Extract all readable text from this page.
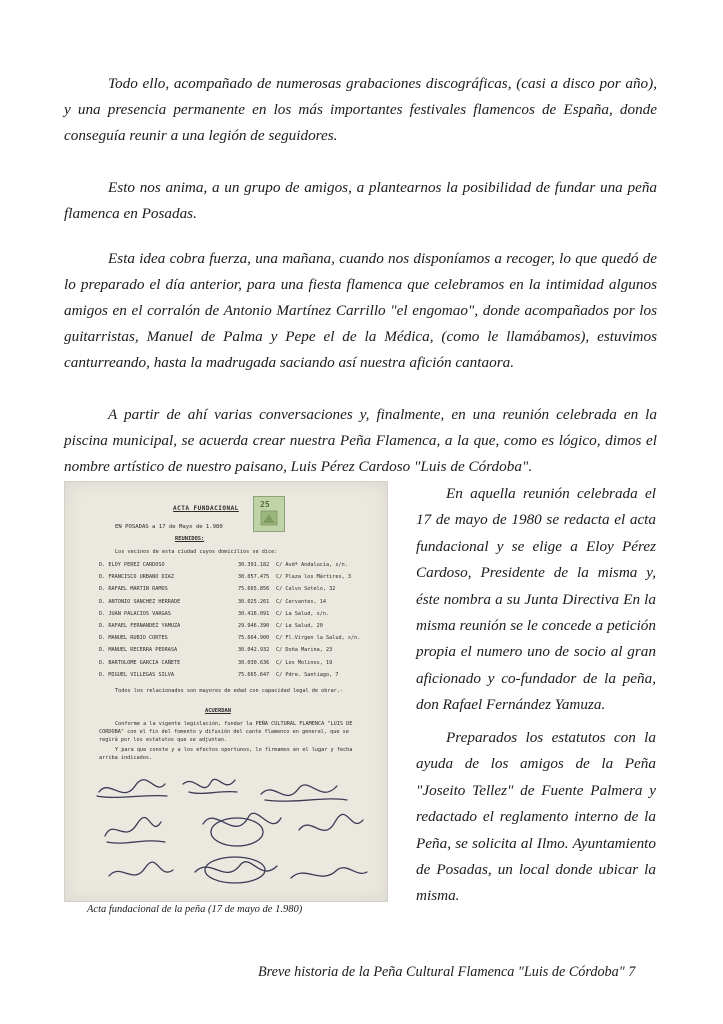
Todo ello, acompañado de numerosas grabaciones discográficas, (casi a disco por año), y una presencia permanente en los más importantes festivales flamencos de España, donde conseguía reunir a una legión de seguidores.

Esto nos anima, a un grupo de amigos, a plantearnos la posibilidad de fundar una peña flamenca en Posadas.

Esta idea cobra fuerza, una mañana, cuando nos disponíamos a recoger, lo que quedó de lo preparado el día anterior, para una fiesta flamenca que celebramos en la intimidad algunos amigos en el corralón de Antonio Martínez Carrillo "el engomao", donde acompañados por los guitarristas, Manuel de Palma y Pepe el de la Médica, (como le llamábamos), estuvimos canturreando, hasta la madrugada saciando así nuestra afición cantaora.

A partir de ahí varias conversaciones y, finalmente, en una reunión celebrada en la piscina municipal, se acuerda crear nuestra Peña Flamenca, a la que, como es lógico, dimos el nombre artístico de nuestro paisano, Luis Pérez Cardoso "Luis de Córdoba".

ACTA FUNDACIONAL	25
EN POSADAS a 17 de Mayo de 1.980
REUNIDOS:
Los vecinos de esta ciudad cuyos domicilios se dice:
D. ELOY PEREZ CARDOSO	30.391.182 C/ Avdª Andalucía, s/n.
D. FRANCISCO URBANO DIAZ	30.057.475 C/ Plaza los Mártires, 3
D. RAFAEL MARTIN RAMOS	75.665.856 C/ Calvo Sotelo, 32
D. ANTONIO SANCHEZ HERRADE	30.025.261 C/ Cervantes, 14
D. JUAN PALACIOS VARGAS	30.416.091 C/ La Salud, s/n.
D. RAFAEL FERNANDEZ YAMUZA	29.946.390 C/ La Salud, 20
D. MANUEL RUBIO CORTES	75.664.900 C/ Fl.Virgen la Salud, s/n.
D. MANUEL RECERRA PEDRASA	30.042.932 C/ Doña Marina, 23
D. BARTOLOME GARCIA CAÑETE	30.030.636 C/ Los Molinos, 19
D. MIGUEL VILLEGAS SILVA	75.665.647 C/ Pdre. Santiago, 7
Todos los relacionados son mayores de edad con capacidad legal de obrar.-
ACUERDAN

Conforme a la vigente legislación, fundar la PEÑA CULTURAL FLAMENCA "LUIS DE CORDOBA" con el fin del fomento y difusión del cante flamenco en general, que se regirá por los estatutos que se adjuntan.

Y para que conste y a los efectos oportunos, lo firmamos en el lugar y fecha arriba indicados.

En aquella reunión celebrada el 17 de mayo de 1980 se redacta el acta fundacional y se elige a Eloy Pérez Cardoso, Presidente de la misma y, éste nombra a su Junta Directiva En la misma reunión se le concede a petición propia el numero uno de socio al gran aficionado y co-fundador de la peña, don Rafael Fernández Yamuza.

Preparados los estatutos con la ayuda de los amigos de la Peña "Joseito Tellez" de Fuente Palmera y redactado el reglamento interno de la Peña, se solicita al Ilmo. Ayuntamiento de Posadas, un local donde ubicar la misma.

Acta fundacional de la peña (17 de mayo de 1.980)
Breve historia de la Peña Cultural Flamenca "Luis de Córdoba" 7
